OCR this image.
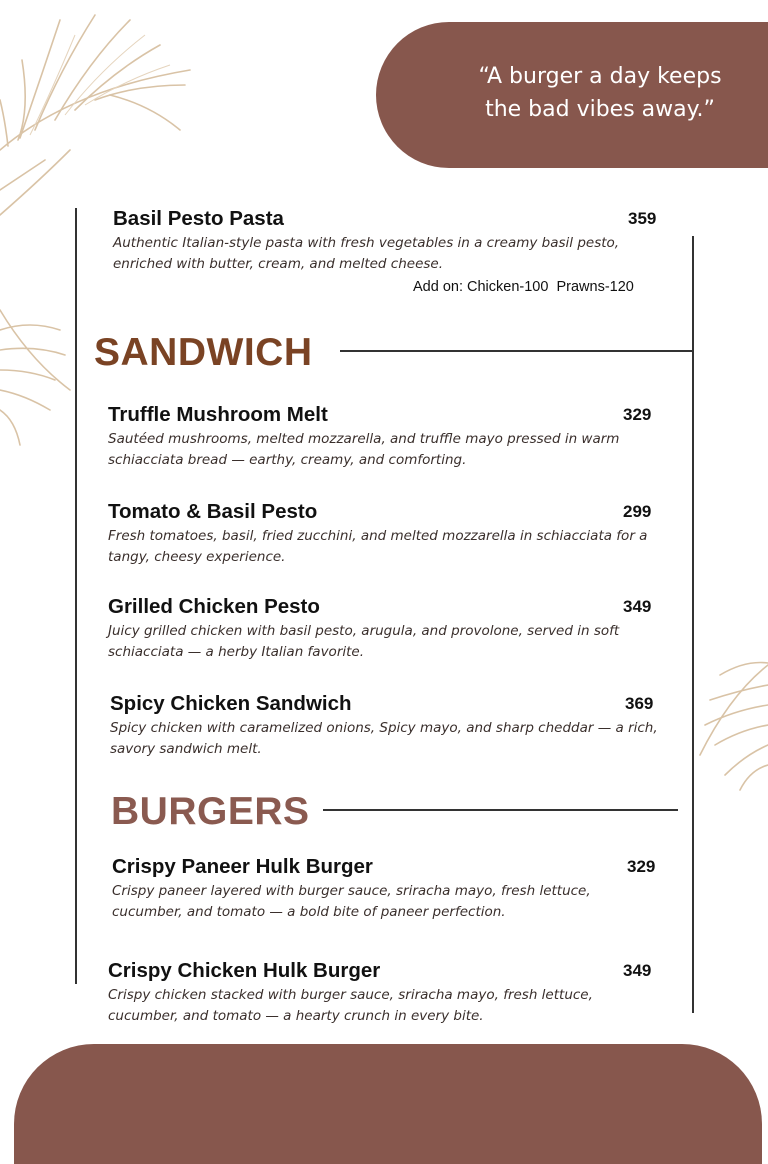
“A burger a day keeps
the bad vibes away.”
Basil Pesto Pasta	359
Authentic Italian-style pasta with fresh vegetables in a creamy basil pesto,
enriched with butter, cream, and melted cheese.
Add on: Chicken-100  Prawns-120
SANDWICH
Truffle Mushroom Melt	329
Sautéed mushrooms, melted mozzarella, and truffle mayo pressed in warm
schiacciata bread — earthy, creamy, and comforting.
Tomato & Basil Pesto	299
Fresh tomatoes, basil, fried zucchini, and melted mozzarella in schiacciata for a
tangy, cheesy experience.
Grilled Chicken Pesto	349
Juicy grilled chicken with basil pesto, arugula, and provolone, served in soft
schiacciata — a herby Italian favorite.
Spicy Chicken Sandwich	369
Spicy chicken with caramelized onions, Spicy mayo, and sharp cheddar — a rich,
savory sandwich melt.
BURGERS
Crispy Paneer Hulk Burger	329
Crispy paneer layered with burger sauce, sriracha mayo, fresh lettuce,
cucumber, and tomato — a bold bite of paneer perfection.
Crispy Chicken Hulk Burger	349
Crispy chicken stacked with burger sauce, sriracha mayo, fresh lettuce,
cucumber, and tomato — a hearty crunch in every bite.
